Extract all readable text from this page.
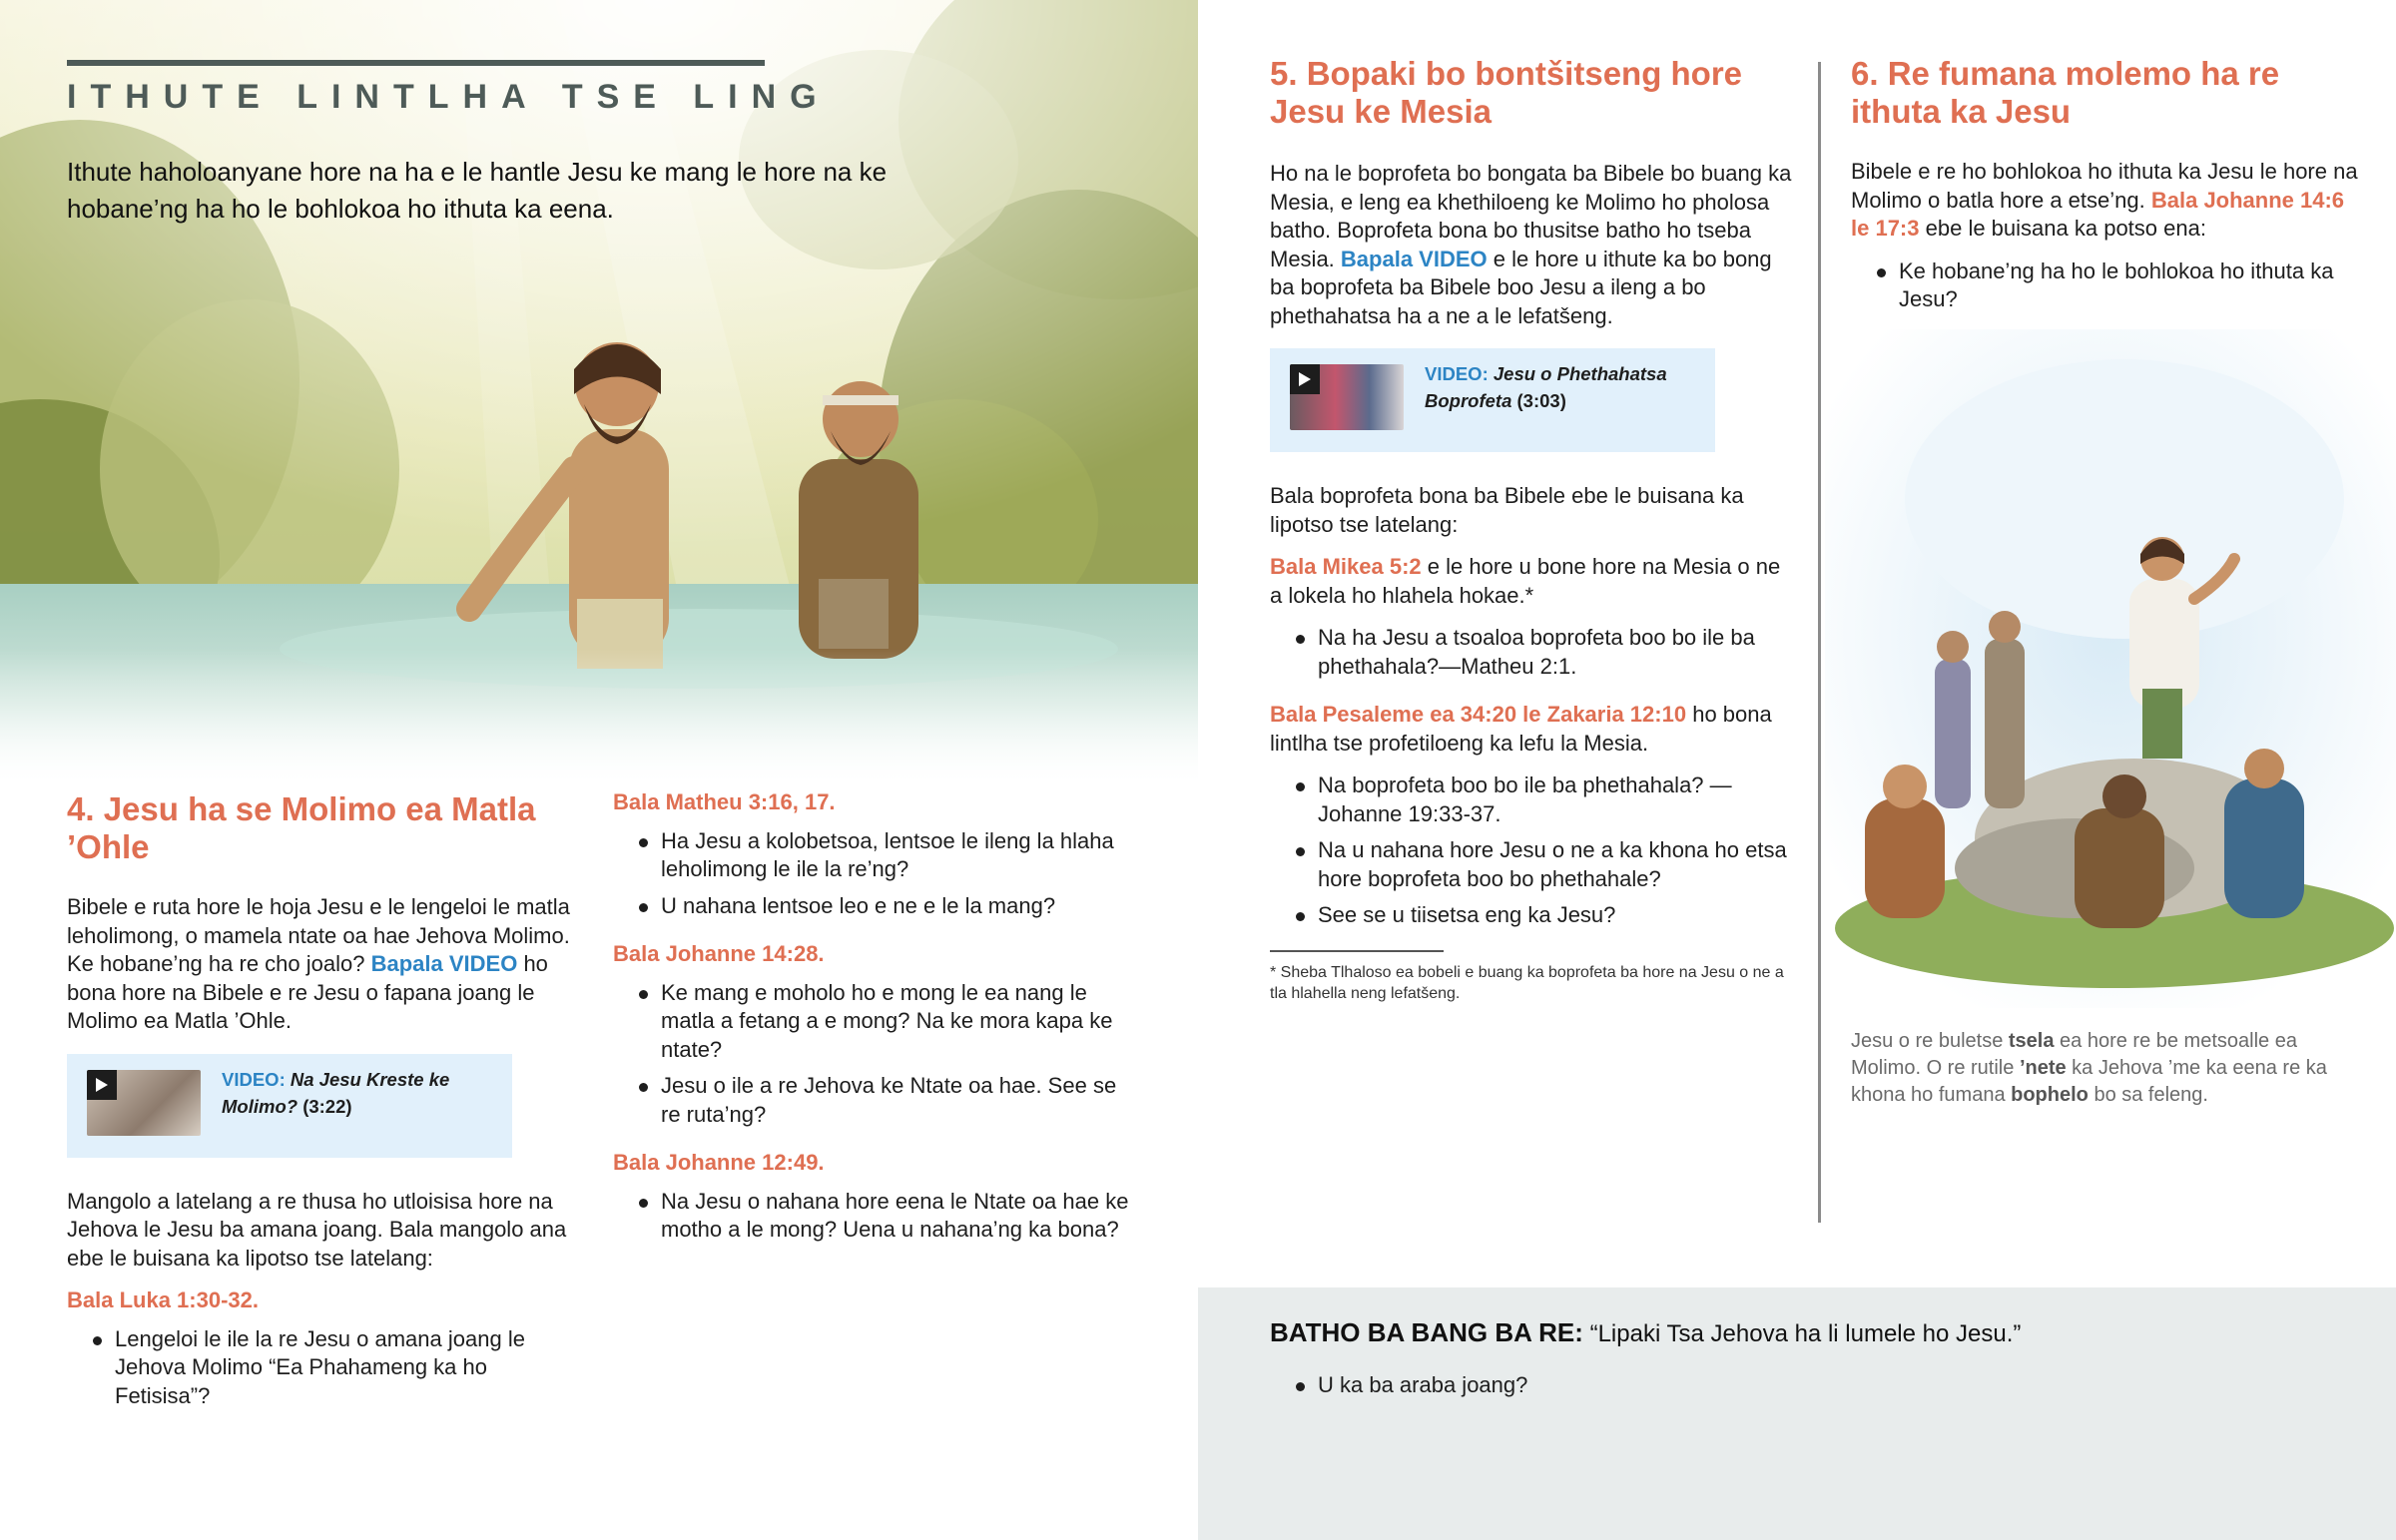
ITHUTE LINTLHA TSE LING

Ithute haholoanyane hore na ha e le hantle Jesu ke mang le hore na ke hobane’ng ha ho le bohlokoa ho ithuta ka eena.

4. Jesu ha se Molimo ea Matla ’Ohle

Bibele e ruta hore le hoja Jesu e le lengeloi le matla leholimong, o mamela ntate oa hae Jehova Molimo. Ke hobane’ng ha re cho joalo? Bapala VIDEO ho bona hore na Bibele e re Jesu o fapana joang le Molimo ea Matla ’Ohle.

VIDEO: Na Jesu Kreste ke Molimo? (3:22)

Mangolo a latelang a re thusa ho utloisisa hore na Jehova le Jesu ba amana joang. Bala mangolo ana ebe le buisana ka lipotso tse latelang:

Bala Luka 1:30-32.
Lengeloi le ile la re Jesu o amana joang le Jehova Molimo “Ea Phahameng ka ho Fetisisa”?
Bala Matheu 3:16, 17.
Ha Jesu a kolobetsoa, lentsoe le ileng la hlaha leholimong le ile la re’ng?
U nahana lentsoe leo e ne e le la mang?
Bala Johanne 14:28.
Ke mang e moholo ho e mong le ea nang le matla a fetang a e mong? Na ke mora kapa ke ntate?
Jesu o ile a re Jehova ke Ntate oa hae. See se re ruta’ng?
Bala Johanne 12:49.
Na Jesu o nahana hore eena le Ntate oa hae ke motho a le mong? Uena u nahana’ng ka bona?
5. Bopaki bo bontšitseng hore Jesu ke Mesia

Ho na le boprofeta bo bongata ba Bibele bo buang ka Mesia, e leng ea khethiloeng ke Molimo ho pholosa batho. Boprofeta bona bo thusitse batho ho tseba Mesia. Bapala VIDEO e le hore u ithute ka bo bong ba boprofeta ba Bibele boo Jesu a ileng a bo phethahatsa ha a ne a le lefatšeng.

VIDEO: Jesu o Phethahatsa Boprofeta (3:03)

Bala boprofeta bona ba Bibele ebe le buisana ka lipotso tse latelang:

Bala Mikea 5:2 e le hore u bone hore na Mesia o ne a lokela ho hlahela hokae.*

Na ha Jesu a tsoaloa boprofeta boo bo ile ba phethahala?—Matheu 2:1.

Bala Pesaleme ea 34:20 le Zakaria 12:10 ho bona lintlha tse profetiloeng ka lefu la Mesia.

Na boprofeta boo bo ile ba phethahala? —Johanne 19:33-37.
Na u nahana hore Jesu o ne a ka khona ho etsa hore boprofeta boo bo phethahale?
See se u tiisetsa eng ka Jesu?

* Sheba Tlhaloso ea bobeli e buang ka boprofeta ba hore na Jesu o ne a tla hlahella neng lefatšeng.

6. Re fumana molemo ha re ithuta ka Jesu

Bibele e re ho bohlokoa ho ithuta ka Jesu le hore na Molimo o batla hore a etse’ng. Bala Johanne 14:6 le 17:3 ebe le buisana ka potso ena:

Ke hobane’ng ha ho le bohlokoa ho ithuta ka Jesu?

Jesu o re buletse tsela ea hore re be metsoalle ea Molimo. O re rutile ’nete ka Jehova ’me ka eena re ka khona ho fumana bophelo bo sa feleng.

BATHO BA BANG BA RE: “Lipaki Tsa Jehova ha li lumele ho Jesu.”
U ka ba araba joang?
